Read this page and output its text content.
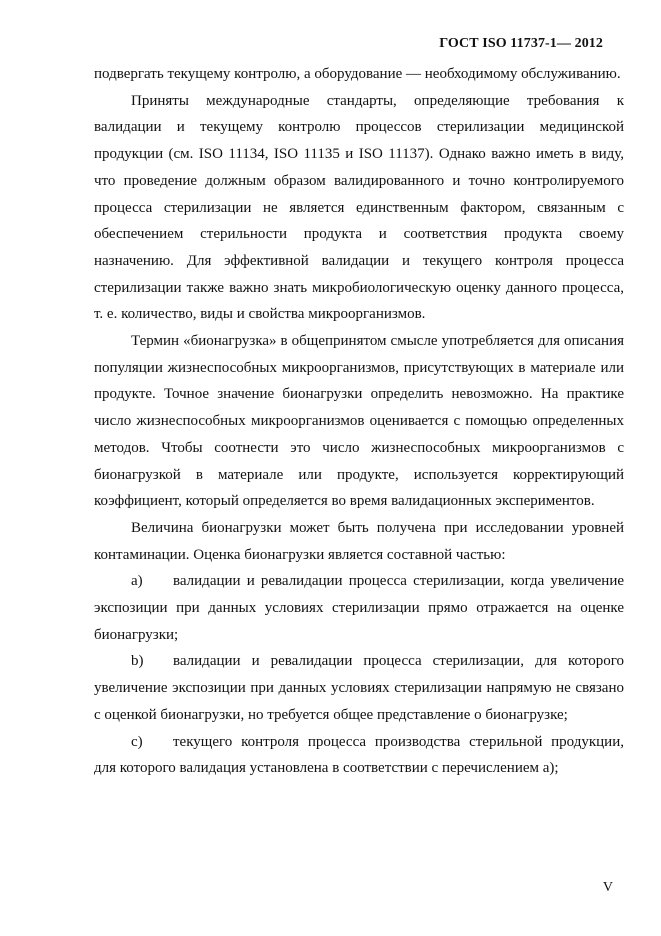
ГОСТ ISO 11737-1— 2012

подвергать текущему контролю, а оборудование — необходимому обслуживанию.

Приняты международные стандарты, определяющие требования к валидации и текущему контролю процессов стерилизации медицинской продукции (см. ISO 11134, ISO 11135 и ISO 11137). Однако важно иметь в виду, что проведение должным образом валидированного и точно контролируемого процесса стерилизации не является единственным фактором, связанным с обеспечением стерильности продукта и соответствия продукта своему назначению. Для эффективной валидации и текущего контроля процесса стерилизации также важно знать микробиологическую оценку данного процесса, т. е. количество, виды и свойства микроорганизмов.

Термин «бионагрузка» в общепринятом смысле употребляется для описания популяции жизнеспособных микроорганизмов, присутствующих в материале или продукте. Точное значение бионагрузки определить невозможно. На практике число жизнеспособных микроорганизмов оценивается с помощью определенных методов. Чтобы соотнести это число жизнеспособных микроорганизмов с бионагрузкой в материале или продукте, используется корректирующий коэффициент, который определяется во время валидационных экспериментов.

Величина бионагрузки может быть получена при исследовании уровней контаминации. Оценка бионагрузки является составной частью:

а) валидации и ревалидации процесса стерилизации, когда увеличение экспозиции при данных условиях стерилизации прямо отражается на оценке бионагрузки;

b) валидации и ревалидации процесса стерилизации, для которого увеличение экспозиции при данных условиях стерилизации напрямую не связано с оценкой бионагрузки, но требуется общее представление о бионагрузке;

с) текущего контроля процесса производства стерильной продукции, для которого валидация установлена в соответствии с перечислением а);

V
